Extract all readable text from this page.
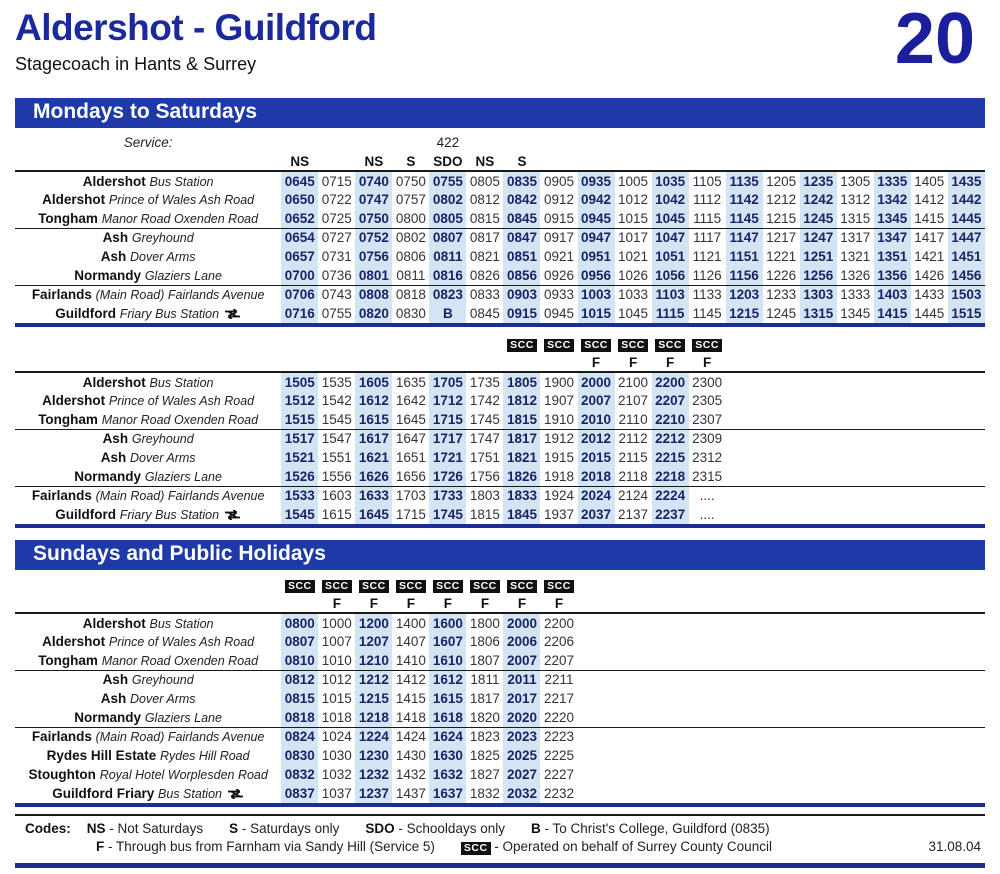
Aldershot - Guildford
Stagecoach in Hants & Surrey	20
Mondays to Saturdays
Service:					422														
	NS		NS	S	SDO	NS	S												
Aldershot Bus Station	0645	0715	0740	0750	0755	0805	0835	0905	0935	1005	1035	1105	1135	1205	1235	1305	1335	1405	1435
Aldershot Prince of Wales Ash Road	0650	0722	0747	0757	0802	0812	0842	0912	0942	1012	1042	1112	1142	1212	1242	1312	1342	1412	1442
Tongham Manor Road Oxenden Road	0652	0725	0750	0800	0805	0815	0845	0915	0945	1015	1045	1115	1145	1215	1245	1315	1345	1415	1445
Ash Greyhound	0654	0727	0752	0802	0807	0817	0847	0917	0947	1017	1047	1117	1147	1217	1247	1317	1347	1417	1447
Ash Dover Arms	0657	0731	0756	0806	0811	0821	0851	0921	0951	1021	1051	1121	1151	1221	1251	1321	1351	1421	1451
Normandy Glaziers Lane	0700	0736	0801	0811	0816	0826	0856	0926	0956	1026	1056	1126	1156	1226	1256	1326	1356	1426	1456
Fairlands (Main Road) Fairlands Avenue	0706	0743	0808	0818	0823	0833	0903	0933	1003	1033	1103	1133	1203	1233	1303	1333	1403	1433	1503
Guildford Friary Bus Station	0716	0755	0820	0830	B	0845	0915	0945	1015	1045	1115	1145	1215	1245	1315	1345	1415	1445	1515
							SCC	SCC	SCC	SCC	SCC	SCC							
									F	F	F	F							
Aldershot Bus Station	1505	1535	1605	1635	1705	1735	1805	1900	2000	2100	2200	2300							
Aldershot Prince of Wales Ash Road	1512	1542	1612	1642	1712	1742	1812	1907	2007	2107	2207	2305							
Tongham Manor Road Oxenden Road	1515	1545	1615	1645	1715	1745	1815	1910	2010	2110	2210	2307							
Ash Greyhound	1517	1547	1617	1647	1717	1747	1817	1912	2012	2112	2212	2309							
Ash Dover Arms	1521	1551	1621	1651	1721	1751	1821	1915	2015	2115	2215	2312							
Normandy Glaziers Lane	1526	1556	1626	1656	1726	1756	1826	1918	2018	2118	2218	2315							
Fairlands (Main Road) Fairlands Avenue	1533	1603	1633	1703	1733	1803	1833	1924	2024	2124	2224	....							
Guildford Friary Bus Station	1545	1615	1645	1715	1745	1815	1845	1937	2037	2137	2237	....							
Sundays and Public Holidays
	SCC	SCC	SCC	SCC	SCC	SCC	SCC	SCC											
		F	F	F	F	F	F	F											
Aldershot Bus Station	0800	1000	1200	1400	1600	1800	2000	2200											
Aldershot Prince of Wales Ash Road	0807	1007	1207	1407	1607	1806	2006	2206											
Tongham Manor Road Oxenden Road	0810	1010	1210	1410	1610	1807	2007	2207											
Ash Greyhound	0812	1012	1212	1412	1612	1811	2011	2211											
Ash Dover Arms	0815	1015	1215	1415	1615	1817	2017	2217											
Normandy Glaziers Lane	0818	1018	1218	1418	1618	1820	2020	2220											
Fairlands (Main Road) Fairlands Avenue	0824	1024	1224	1424	1624	1823	2023	2223											
Rydes Hill Estate Rydes Hill Road	0830	1030	1230	1430	1630	1825	2025	2225											
Stoughton Royal Hotel Worplesden Road	0832	1032	1232	1432	1632	1827	2027	2227											
Guildford Friary Bus Station	0837	1037	1237	1437	1637	1832	2032	2232											
Codes: NS - Not Saturdays S - Saturdays only SDO - Schooldays only B - To Christ's College, Guildford (0835)
F - Through bus from Farnham via Sandy Hill (Service 5)	SCC - Operated on behalf of Surrey County Council	31.08.04
